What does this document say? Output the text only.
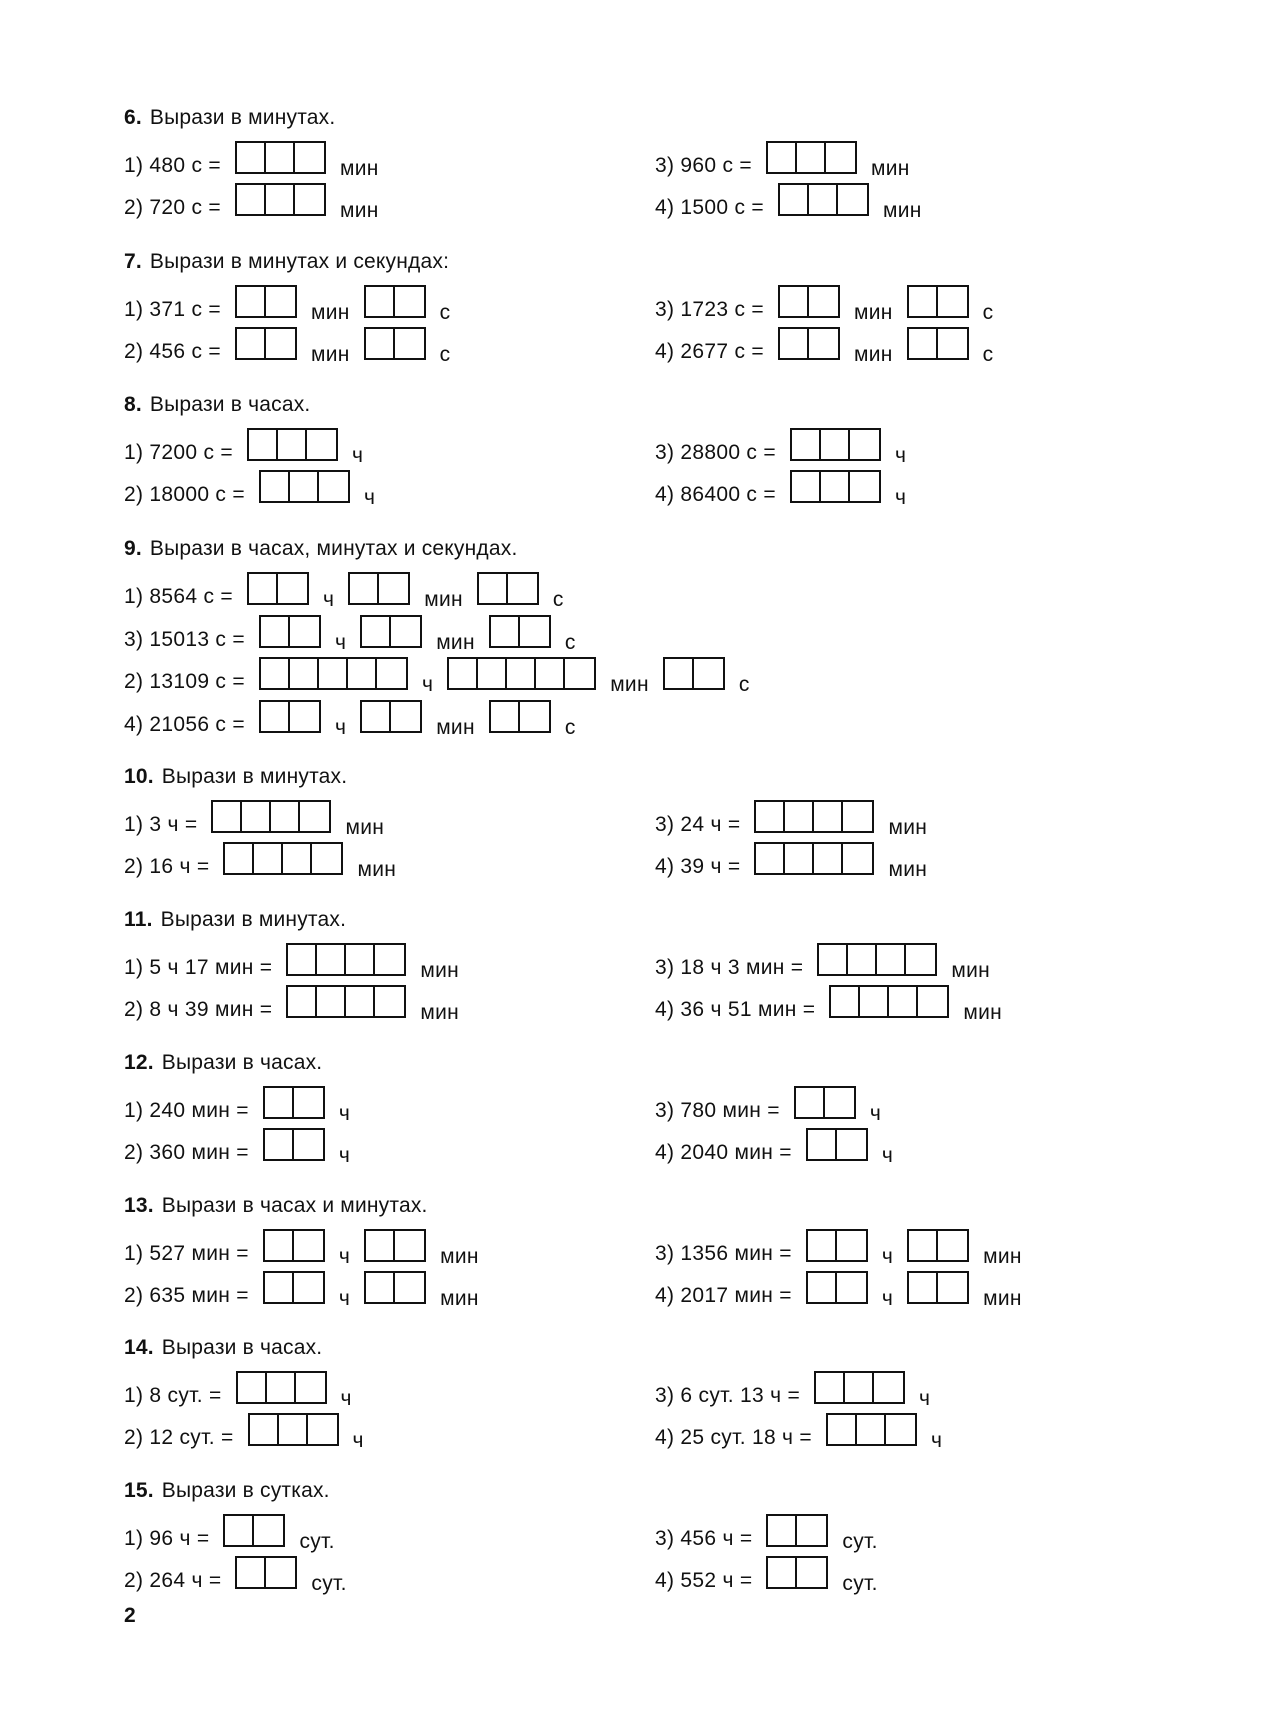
2
6. Вырази в минутах.
1) 480 с =	мин	3) 960 с =	мин
2) 720 с =	мин	4) 1500 с =	мин
7. Вырази в минутах и секундах:
1) 371 с =	мин	с	3) 1723 с =	мин	с
2) 456 с =	мин	с	4) 2677 с =	мин	с
8. Вырази в часах.
1) 7200 с =	ч	3) 28800 с =	ч
2) 18000 с =	ч	4) 86400 с =	ч
9. Вырази в часах, минутах и секундах.
1) 8564 с =	ч	мин	с
3) 15013 с =	ч	мин	с
2) 13109 с =	ч	мин	с
4) 21056 с =	ч	мин	с
10. Вырази в минутах.
1) 3 ч =	мин	3) 24 ч =	мин
2) 16 ч =	мин	4) 39 ч =	мин
11. Вырази в минутах.
1) 5 ч 17 мин =	мин	3) 18 ч 3 мин =	мин
2) 8 ч 39 мин =	мин	4) 36 ч 51 мин =	мин
12. Вырази в часах.
1) 240 мин =	ч	3) 780 мин =	ч
2) 360 мин =	ч	4) 2040 мин =	ч
13. Вырази в часах и минутах.
1) 527 мин =	ч	мин	3) 1356 мин =	ч	мин
2) 635 мин =	ч	мин	4) 2017 мин =	ч	мин
14. Вырази в часах.
1) 8 сут. =	ч	3) 6 сут. 13 ч =	ч
2) 12 сут. =	ч	4) 25 сут. 18 ч =	ч
15. Вырази в сутках.
1) 96 ч =	сут.	3) 456 ч =	сут.
2) 264 ч =	сут.	4) 552 ч =	сут.
